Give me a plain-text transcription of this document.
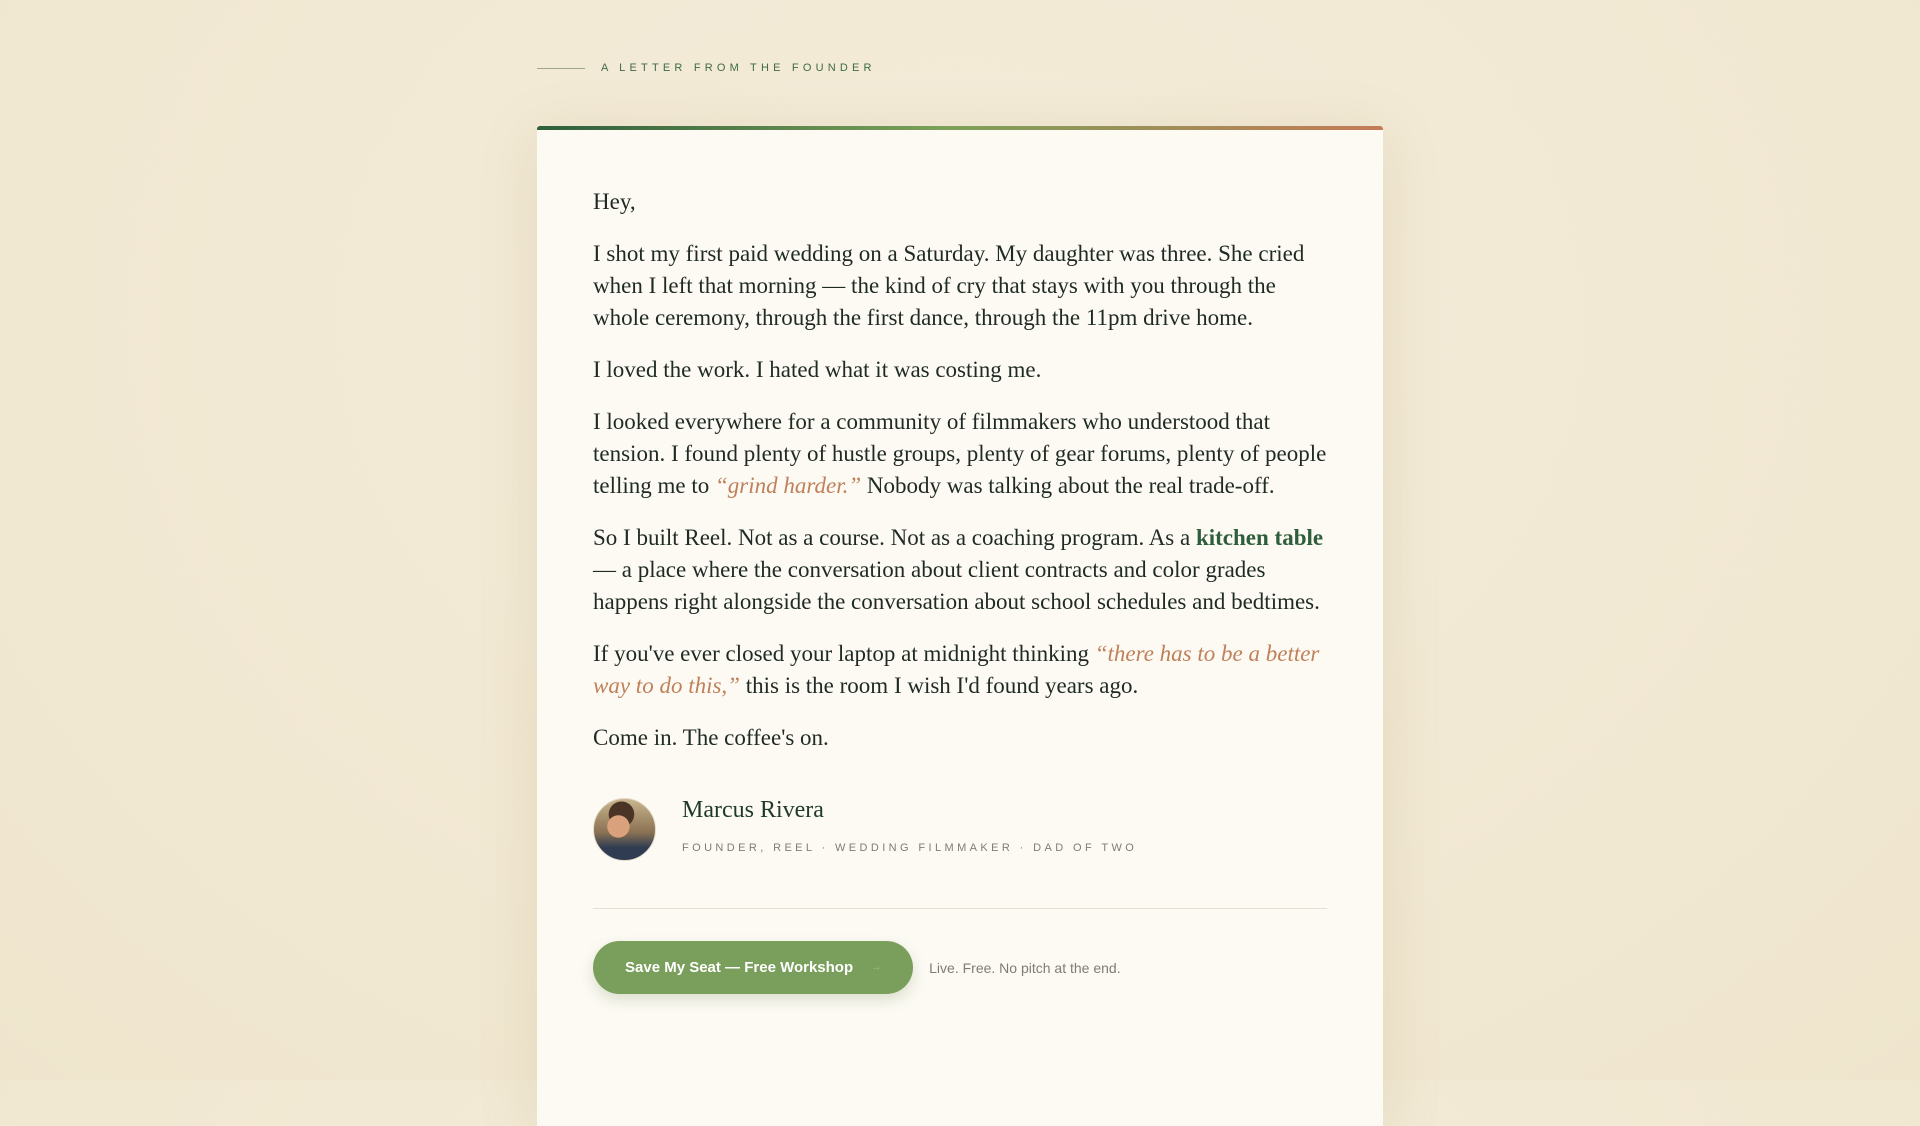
A LETTER FROM THE FOUNDER

Hey,

I shot my first paid wedding on a Saturday. My daughter was three. She cried when I left that morning — the kind of cry that stays with you through the whole ceremony, through the first dance, through the 11pm drive home.

I loved the work. I hated what it was costing me.

I looked everywhere for a community of filmmakers who understood that tension. I found plenty of hustle groups, plenty of gear forums, plenty of people telling me to “grind harder.” Nobody was talking about the real trade-off.

So I built Reel. Not as a course. Not as a coaching program. As a kitchen table — a place where the conversation about client contracts and color grades happens right alongside the conversation about school schedules and bedtimes.

If you've ever closed your laptop at midnight thinking “there has to be a better way to do this,” this is the room I wish I'd found years ago.

Come in. The coffee's on.

Marcus Rivera
FOUNDER, REEL · WEDDING FILMMAKER · DAD OF TWO
Save My Seat — Free Workshop →	Live. Free. No pitch at the end.
